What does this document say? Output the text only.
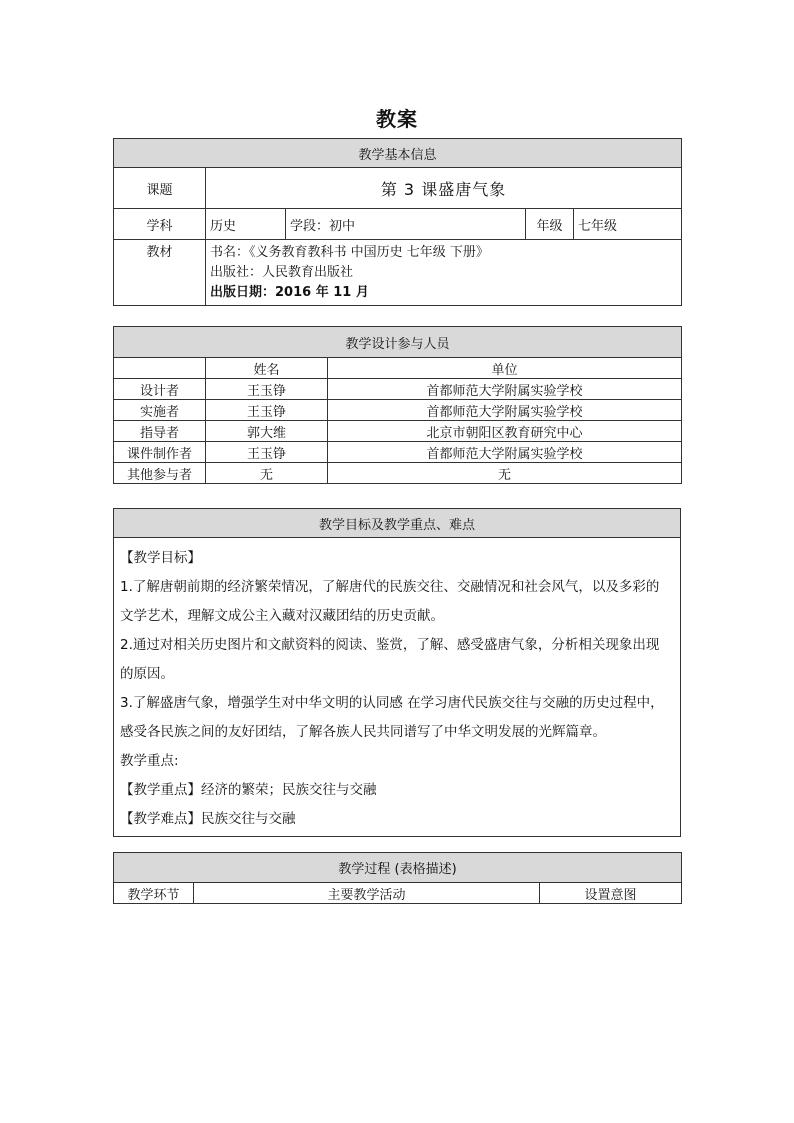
教案
教学基本信息				
课题	第 3 课盛唐气象			
学科	历史	学段：初中	年级	七年级
教材	书名：《义务教育教科书 中国历史 七年级 下册》
出版社：人民教育出版社
出版日期：2016 年 11 月			
教学设计参与人员		
	姓名	单位
设计者	王玉铮	首都师范大学附属实验学校
实施者	王玉铮	首都师范大学附属实验学校
指导者	郭大维	北京市朝阳区教育研究中心
课件制作者	王玉铮	首都师范大学附属实验学校
其他参与者	无	无
教学目标及教学重点、难点

【教学目标】
1.了解唐朝前期的经济繁荣情况，了解唐代的民族交往、交融情况和社会风气，以及多彩的
文学艺术，理解文成公主入藏对汉藏团结的历史贡献。
2.通过对相关历史图片和文献资料的阅读、鉴赏，了解、感受盛唐气象，分析相关现象出现
的原因。
3.了解盛唐气象，增强学生对中华文明的认同感 在学习唐代民族交往与交融的历史过程中，
感受各民族之间的友好团结，了解各族人民共同谱写了中华文明发展的光辉篇章。
教学重点:
【教学重点】经济的繁荣；民族交往与交融
【教学难点】民族交往与交融
教学过程 (表格描述)
教学环节	主要教学活动	设置意图
